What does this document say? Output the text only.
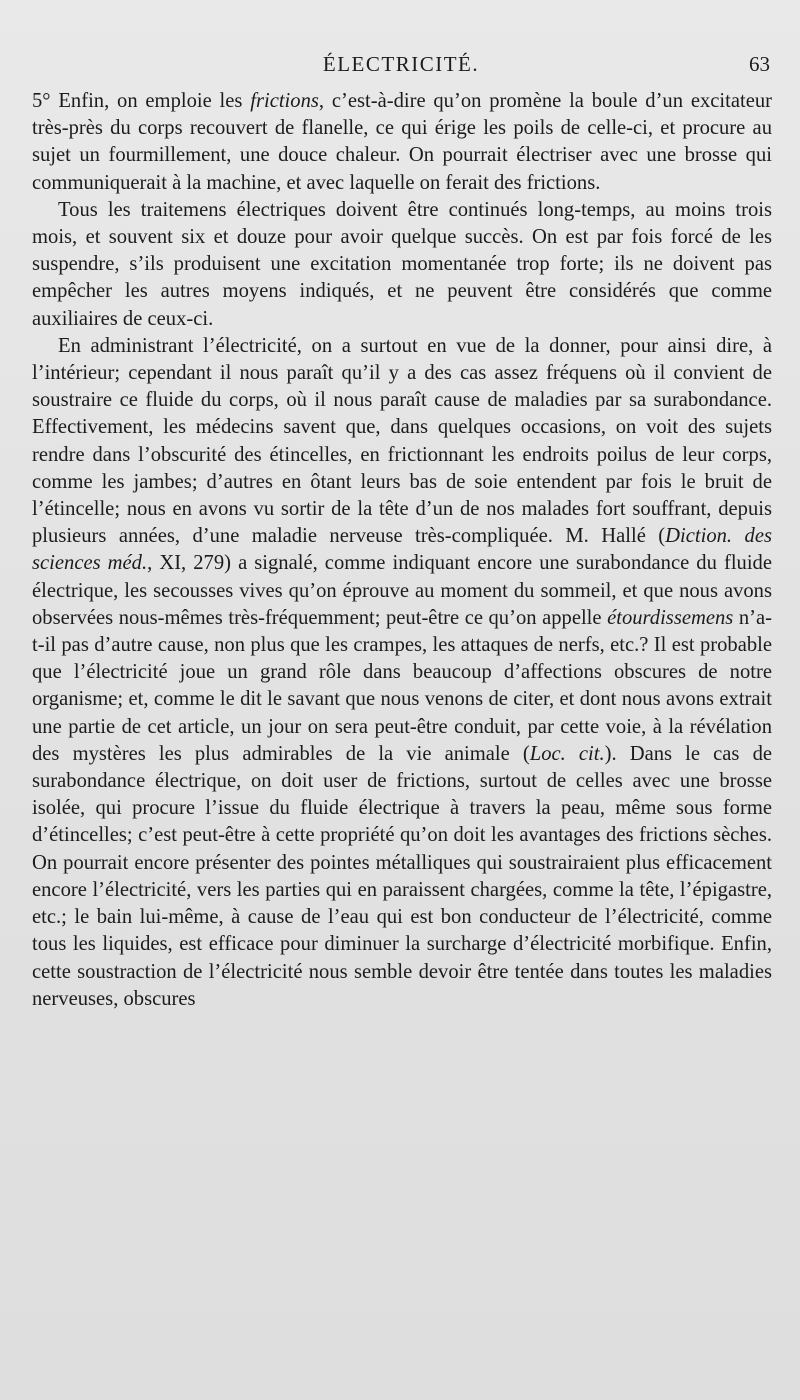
ÉLECTRICITÉ.	63

5° Enfin, on emploie les frictions, c’est-à-dire qu’on promène la boule d’un excitateur très-près du corps recouvert de flanelle, ce qui érige les poils de celle-ci, et procure au sujet un fourmillement, une douce chaleur. On pourrait électriser avec une brosse qui communiquerait à la machine, et avec laquelle on ferait des frictions.

Tous les traitemens électriques doivent être continués long-temps, au moins trois mois, et souvent six et douze pour avoir quelque succès. On est par fois forcé de les suspendre, s’ils produisent une excitation momentanée trop forte; ils ne doivent pas empêcher les autres moyens indiqués, et ne peuvent être considérés que comme auxiliaires de ceux-ci.

En administrant l’électricité, on a surtout en vue de la donner, pour ainsi dire, à l’intérieur; cependant il nous paraît qu’il y a des cas assez fréquens où il convient de soustraire ce fluide du corps, où il nous paraît cause de maladies par sa surabondance. Effectivement, les médecins savent que, dans quelques occasions, on voit des sujets rendre dans l’obscurité des étincelles, en frictionnant les endroits poilus de leur corps, comme les jambes; d’autres en ôtant leurs bas de soie entendent par fois le bruit de l’étincelle; nous en avons vu sortir de la tête d’un de nos malades fort souffrant, depuis plusieurs années, d’une maladie nerveuse très-compliquée. M. Hallé (Diction. des sciences méd., XI, 279) a signalé, comme indiquant encore une surabondance du fluide électrique, les secousses vives qu’on éprouve au moment du sommeil, et que nous avons observées nous-mêmes très-fréquemment; peut-être ce qu’on appelle étourdissemens n’a-t-il pas d’autre cause, non plus que les crampes, les attaques de nerfs, etc.? Il est probable que l’électricité joue un grand rôle dans beaucoup d’affections obscures de notre organisme; et, comme le dit le savant que nous venons de citer, et dont nous avons extrait une partie de cet article, un jour on sera peut-être conduit, par cette voie, à la révélation des mystères les plus admirables de la vie animale (Loc. cit.). Dans le cas de surabondance électrique, on doit user de frictions, surtout de celles avec une brosse isolée, qui procure l’issue du fluide électrique à travers la peau, même sous forme d’étincelles; c’est peut-être à cette propriété qu’on doit les avantages des frictions sèches. On pourrait encore présenter des pointes métalliques qui soustrairaient plus efficacement encore l’électricité, vers les parties qui en paraissent chargées, comme la tête, l’épigastre, etc.; le bain lui-même, à cause de l’eau qui est bon conducteur de l’électricité, comme tous les liquides, est efficace pour diminuer la surcharge d’électricité morbifique. Enfin, cette soustraction de l’électricité nous semble devoir être tentée dans toutes les maladies nerveuses, obscures
